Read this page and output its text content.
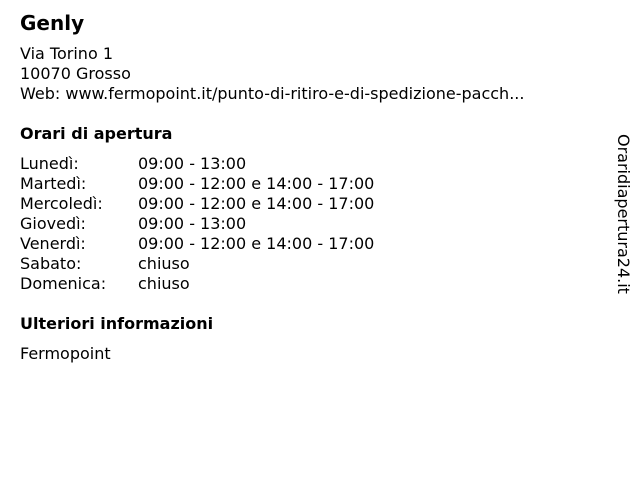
Genly
Via Torino 1
10070 Grosso
Web: www.fermopoint.it/punto-di-ritiro-e-di-spedizione-pacch...
Orari di apertura
Lunedì:	09:00 - 13:00
Martedì:	09:00 - 12:00 e 14:00 - 17:00
Mercoledì:	09:00 - 12:00 e 14:00 - 17:00
Giovedì:	09:00 - 13:00
Venerdì:	09:00 - 12:00 e 14:00 - 17:00
Sabato:	chiuso
Domenica:	chiuso
Ulteriori informazioni
Fermopoint
Oraridiapertura24.it
